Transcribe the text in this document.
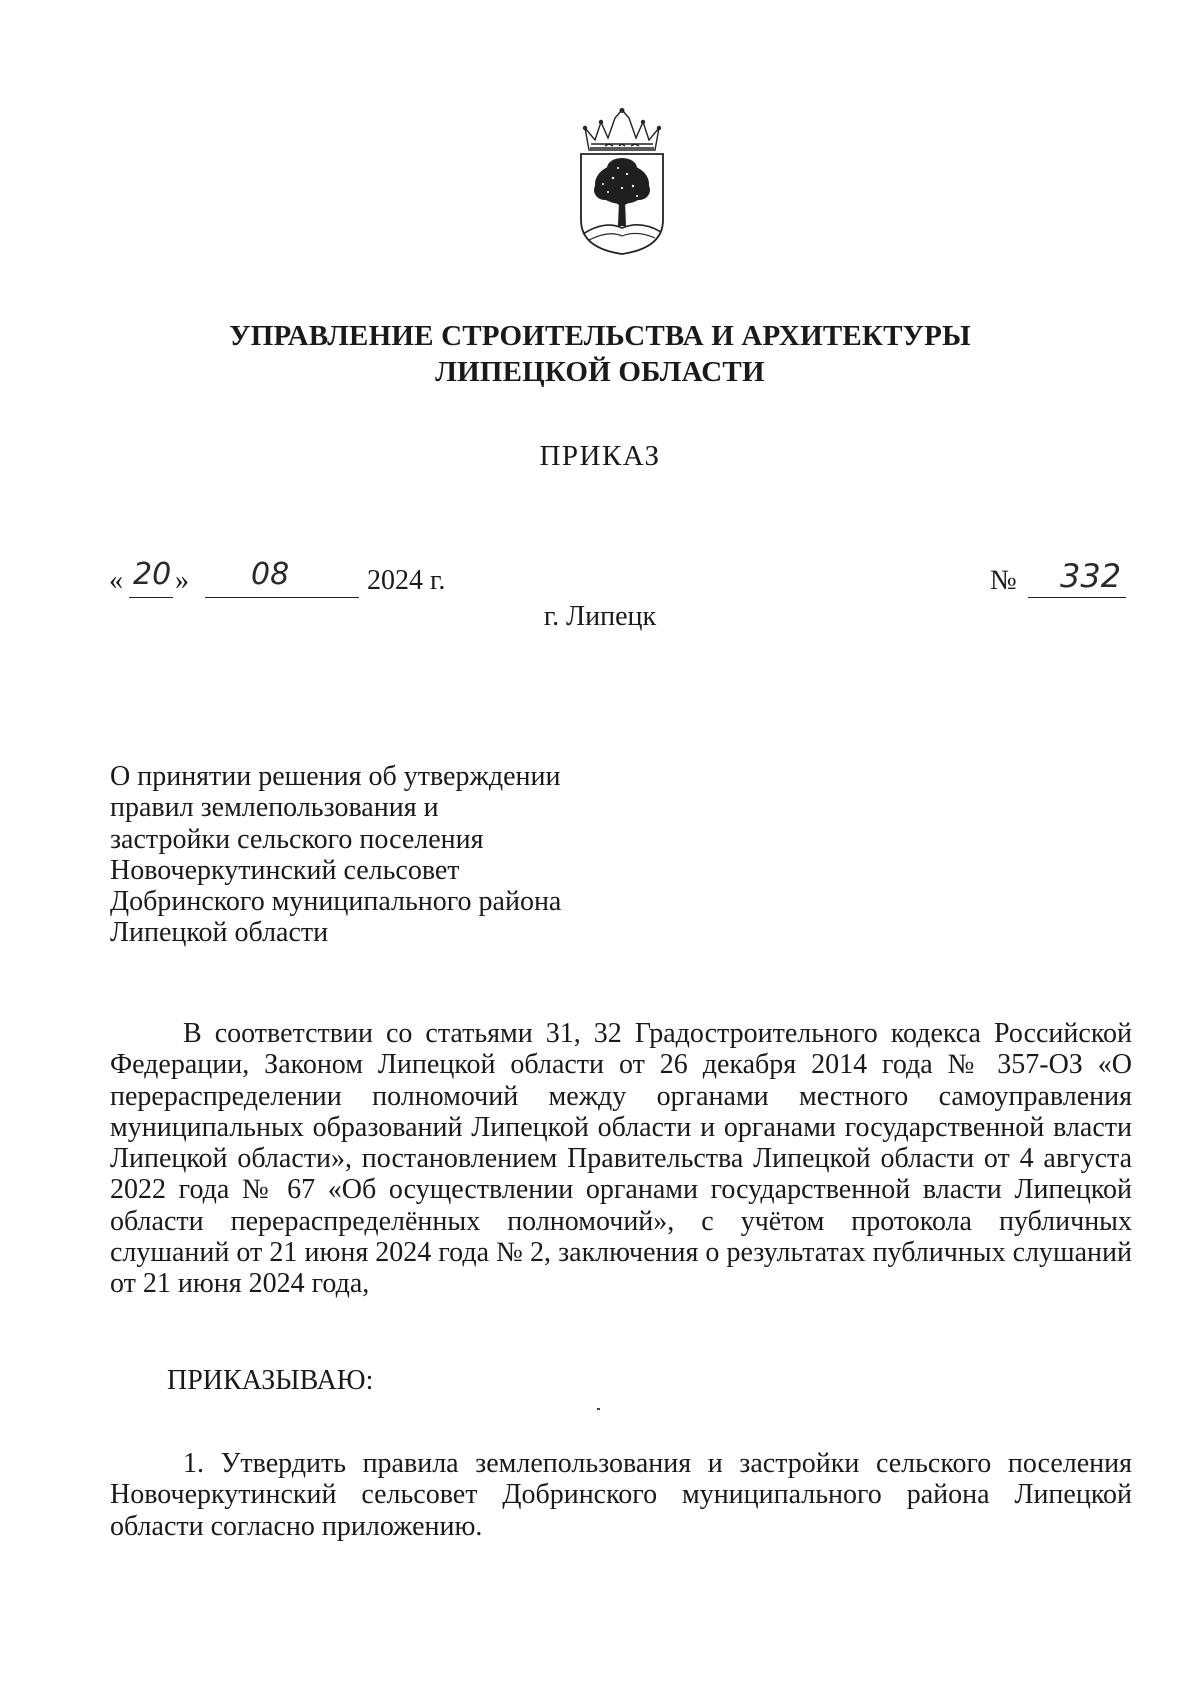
УПРАВЛЕНИЕ СТРОИТЕЛЬСТВА И АРХИТЕКТУРЫ
ЛИПЕЦКОЙ ОБЛАСТИ
ПРИКАЗ
« 20 » 08	2024 г.	№ 332
г. Липецк
О принятии решения об утверждении
правил землепользования и
застройки сельского поселения
Новочеркутинский сельсовет
Добринского муниципального района
Липецкой области
В соответствии со статьями 31, 32 Градостроительного кодекса Российской Федерации, Законом Липецкой области от 26 декабря 2014 года № 357-ОЗ «О перераспределении полномочий между органами местного самоуправления муниципальных образований Липецкой области и органами государственной власти Липецкой области», постановлением Правительства Липецкой области от 4 августа 2022 года № 67 «Об осуществлении органами государственной власти Липецкой области перераспределённых полномочий», с учётом протокола публичных слушаний от 21 июня 2024 года № 2, заключения о результатах публичных слушаний от 21 июня 2024 года,
ПРИКАЗЫВАЮ:
1. Утвердить правила землепользования и застройки сельского поселения Новочеркутинский сельсовет Добринского муниципального района Липецкой области согласно приложению.
